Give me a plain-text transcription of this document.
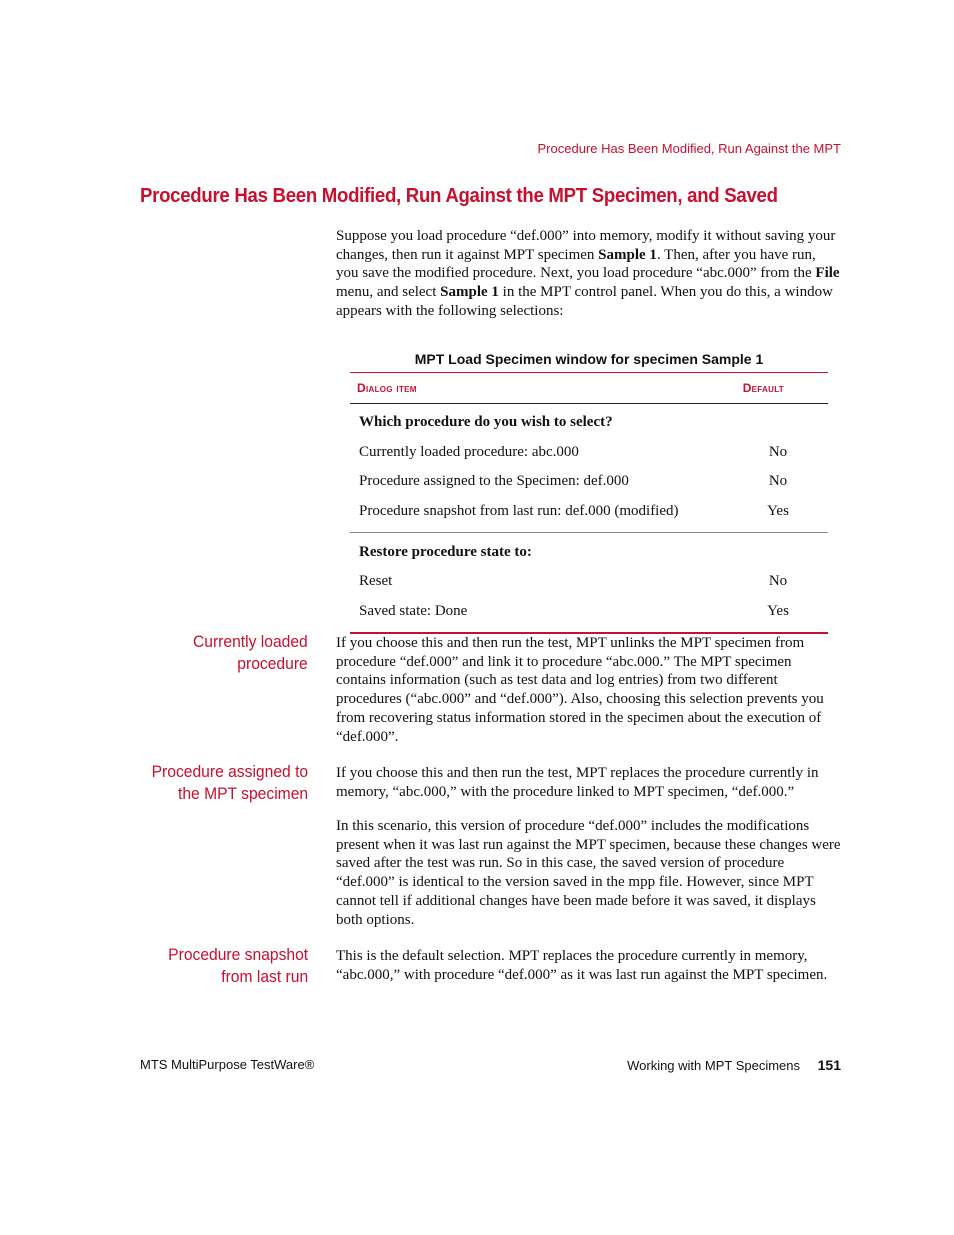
Procedure Has Been Modified, Run Against the MPT
Procedure Has Been Modified, Run Against the MPT Specimen, and Saved

Suppose you load procedure “def.000” into memory, modify it without saving your changes, then run it against MPT specimen Sample 1. Then, after you have run, you save the modified procedure. Next, you load procedure “abc.000” from the File menu, and select Sample 1 in the MPT control panel. When you do this, a window appears with the following selections:

MPT Load Specimen window for specimen Sample 1
Dialog item	Default
Which procedure do you wish to select?
Currently loaded procedure: abc.000	No
Procedure assigned to the Specimen: def.000	No
Procedure snapshot from last run: def.000 (modified)	Yes
Restore procedure state to:
Reset	No
Saved state: Done	Yes
Currently loaded
procedure

If you choose this and then run the test, MPT unlinks the MPT specimen from procedure “def.000” and link it to procedure “abc.000.” The MPT specimen contains information (such as test data and log entries) from two different procedures (“abc.000” and “def.000”). Also, choosing this selection prevents you from recovering status information stored in the specimen about the execution of “def.000”.

Procedure assigned to
the MPT specimen

If you choose this and then run the test, MPT replaces the procedure currently in memory, “abc.000,” with the procedure linked to MPT specimen, “def.000.”

In this scenario, this version of procedure “def.000” includes the modifications present when it was last run against the MPT specimen, because these changes were saved after the test was run. So in this case, the saved version of procedure “def.000” is identical to the version saved in the mpp file. However, since MPT cannot tell if additional changes have been made before it was saved, it displays both options.

Procedure snapshot
from last run

This is the default selection. MPT replaces the procedure currently in memory, “abc.000,” with procedure “def.000” as it was last run against the MPT specimen.

MTS MultiPurpose TestWare®	Working with MPT Specimens 151
